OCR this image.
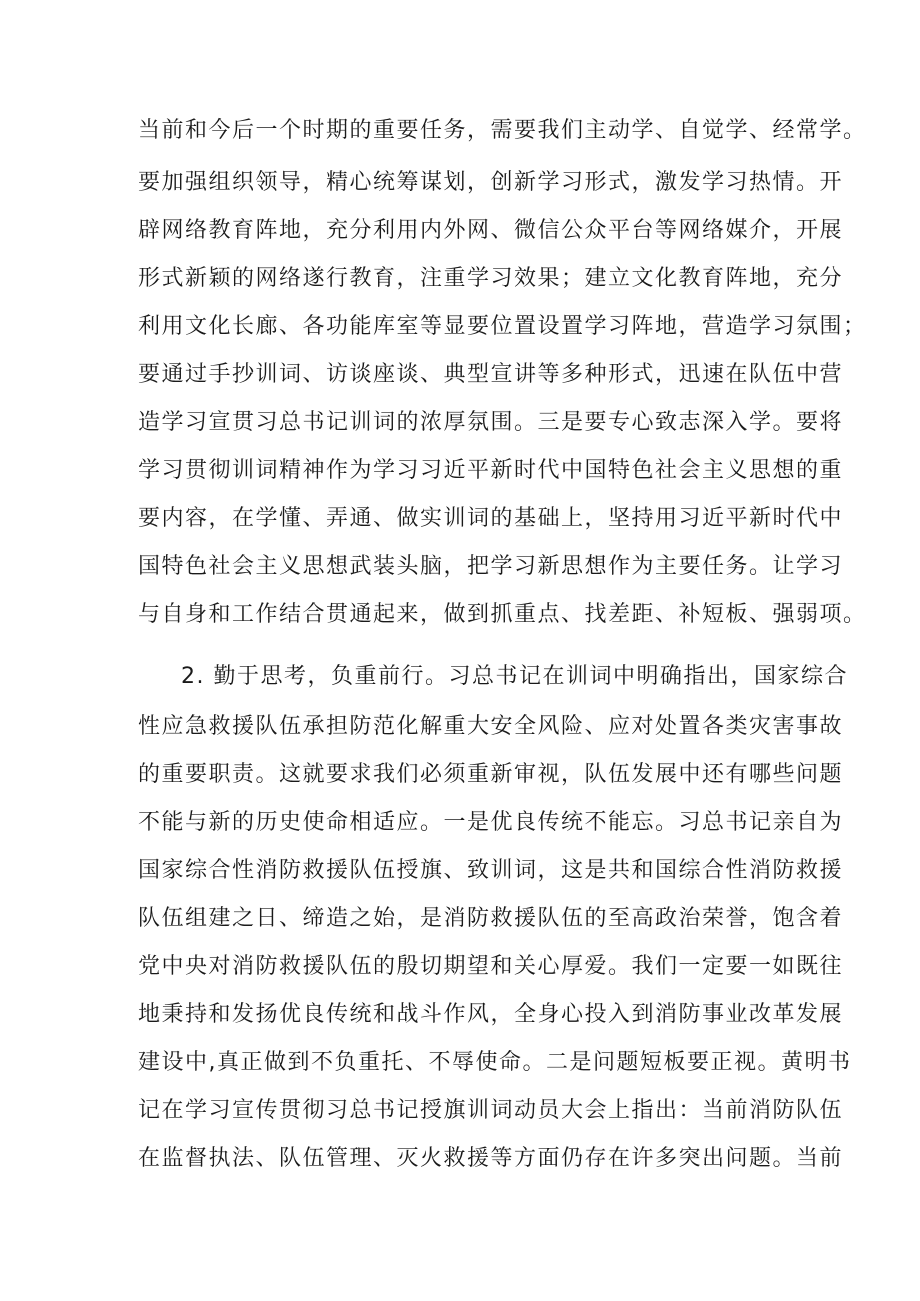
当前和今后一个时期的重要任务，需要我们主动学、自觉学、经常学。
要加强组织领导，精心统筹谋划，创新学习形式，激发学习热情。开
辟网络教育阵地，充分利用内外网、微信公众平台等网络媒介，开展
形式新颖的网络遂行教育，注重学习效果；建立文化教育阵地，充分
利用文化长廊、各功能库室等显要位置设置学习阵地，营造学习氛围；
要通过手抄训词、访谈座谈、典型宣讲等多种形式，迅速在队伍中营
造学习宣贯习总书记训词的浓厚氛围。三是要专心致志深入学。要将
学习贯彻训词精神作为学习习近平新时代中国特色社会主义思想的重
要内容，在学懂、弄通、做实训词的基础上，坚持用习近平新时代中
国特色社会主义思想武装头脑，把学习新思想作为主要任务。让学习
与自身和工作结合贯通起来，做到抓重点、找差距、补短板、强弱项。
2. 勤于思考，负重前行。习总书记在训词中明确指出，国家综合
性应急救援队伍承担防范化解重大安全风险、应对处置各类灾害事故
的重要职责。这就要求我们必须重新审视，队伍发展中还有哪些问题
不能与新的历史使命相适应。一是优良传统不能忘。习总书记亲自为
国家综合性消防救援队伍授旗、致训词，这是共和国综合性消防救援
队伍组建之日、缔造之始，是消防救援队伍的至高政治荣誉，饱含着
党中央对消防救援队伍的殷切期望和关心厚爱。我们一定要一如既往
地秉持和发扬优良传统和战斗作风，全身心投入到消防事业改革发展
建设中,真正做到不负重托、不辱使命。二是问题短板要正视。黄明书
记在学习宣传贯彻习总书记授旗训词动员大会上指出：当前消防队伍
在监督执法、队伍管理、灭火救援等方面仍存在许多突出问题。当前
